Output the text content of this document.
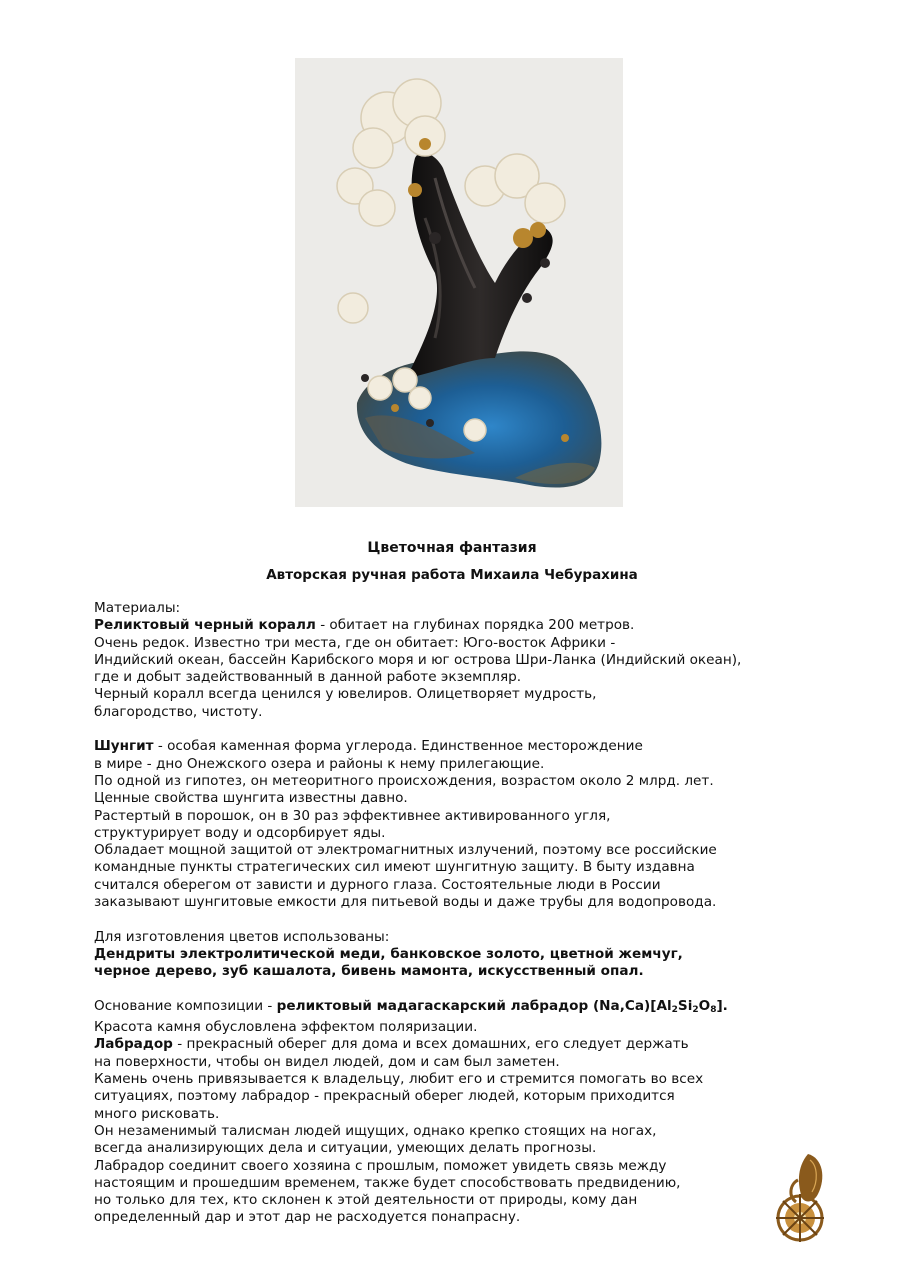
Цветочная фантазия
Авторская ручная работа Михаила Чебурахина

Материалы:

Реликтовый черный коралл - обитает на глубинах порядка 200 метров.

Очень редок. Известно три места, где он обитает: Юго-восток Африки -

Индийский океан, бассейн Карибского моря и юг острова Шри-Ланка (Индийский океан),

где и добыт задействованный в данной работе экземпляр.

Черный коралл всегда ценился у ювелиров. Олицетворяет мудрость,

благородство, чистоту.

Шунгит - особая каменная форма углерода. Единственное месторождение

в мире - дно Онежского озера и районы к нему прилегающие.

По одной из гипотез, он метеоритного происхождения, возрастом около 2 млрд. лет.

Ценные свойства шунгита известны давно.

Растертый в порошок, он в 30 раз эффективнее активированного угля,

структурирует воду и одсорбирует яды.

Обладает мощной защитой от электромагнитных излучений, поэтому все российские

командные пункты стратегических сил имеют шунгитную защиту. В быту издавна

считался оберегом от зависти и дурного глаза. Состоятельные люди в России

заказывают шунгитовые емкости для питьевой воды и даже трубы для водопровода.

Для изготовления цветов использованы:

Дендриты электролитической меди, банковское золото, цветной жемчуг,

черное дерево, зуб кашалота, бивень мамонта, искусственный опал.

Основание композиции - реликтовый мадагаскарский лабрадор (Na,Ca)[Al2Si2O8].

Красота камня обусловлена эффектом поляризации.

Лабрадор - прекрасный оберег для дома и всех домашних, его следует держать

на поверхности, чтобы он видел людей, дом и сам был заметен.

Камень очень привязывается к владельцу, любит его и стремится помогать во всех

ситуациях, поэтому лабрадор - прекрасный оберег людей, которым приходится

много рисковать.

Он незаменимый талисман людей ищущих, однако крепко стоящих на ногах,

всегда анализирующих дела и ситуации, умеющих делать прогнозы.

Лабрадор соединит своего хозяина с прошлым, поможет увидеть связь между

настоящим и прошедшим временем, также будет способствовать предвидению,

но только для тех, кто склонен к этой деятельности от природы, кому дан

определенный дар и этот дар не расходуется понапрасну.
